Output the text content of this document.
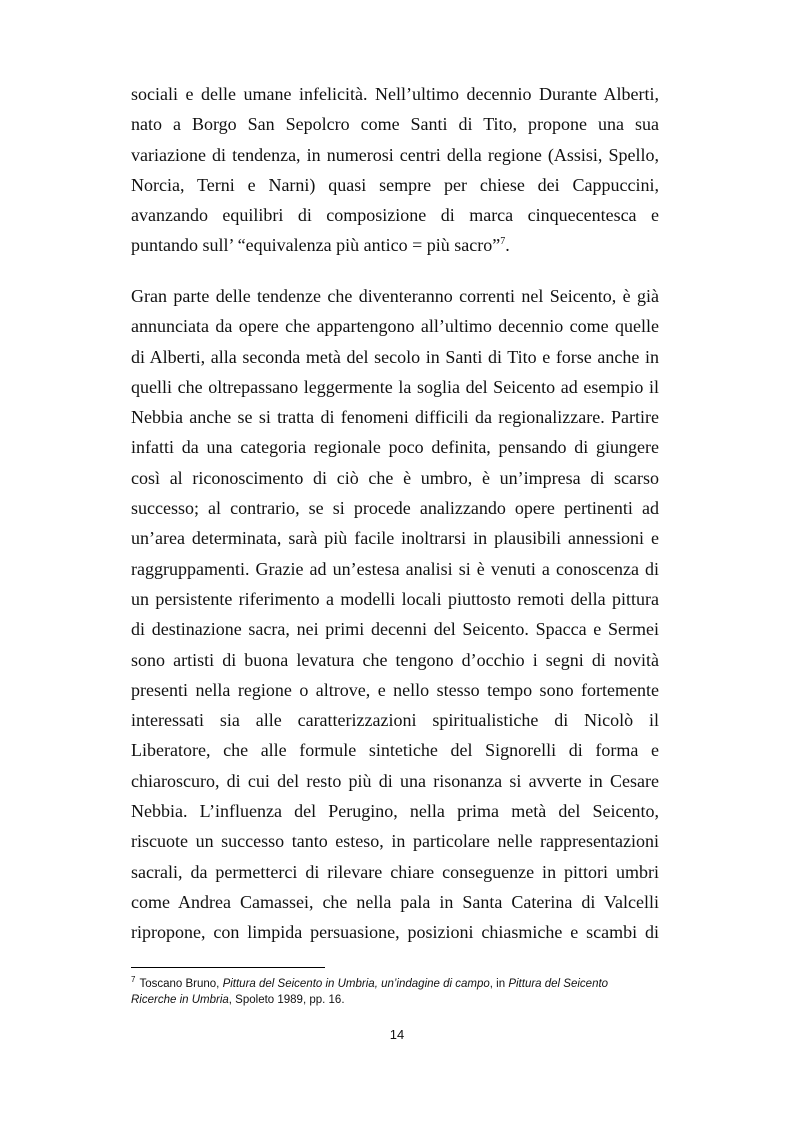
sociali e delle umane infelicità. Nell’ultimo decennio Durante Alberti,
nato a Borgo San Sepolcro come Santi di Tito, propone una sua
variazione di tendenza, in numerosi centri della regione (Assisi, Spello,
Norcia, Terni e Narni) quasi sempre per chiese dei Cappuccini,
avanzando equilibri di composizione di marca cinquecentesca e
puntando sull’ “equivalenza più antico = più sacro”$^7$.
Gran parte delle tendenze che diventeranno correnti nel Seicento, è già
annunciata da opere che appartengono all’ultimo decennio come quelle
di Alberti, alla seconda metà del secolo in Santi di Tito e forse anche in
quelli che oltrepassano leggermente la soglia del Seicento ad esempio il
Nebbia anche se si tratta di fenomeni difficili da regionalizzare. Partire
infatti da una categoria regionale poco definita, pensando di giungere
così al riconoscimento di ciò che è umbro, è un’impresa di scarso
successo; al contrario, se si procede analizzando opere pertinenti ad
un’area determinata, sarà più facile inoltrarsi in plausibili annessioni e
raggruppamenti. Grazie ad un’estesa analisi si è venuti a conoscenza di
un persistente riferimento a modelli locali piuttosto remoti della pittura
di destinazione sacra, nei primi decenni del Seicento. Spacca e Sermei
sono artisti di buona levatura che tengono d’occhio i segni di novità
presenti nella regione o altrove, e nello stesso tempo sono fortemente
interessati sia alle caratterizzazioni spiritualistiche di Nicolò il
Liberatore, che alle formule sintetiche del Signorelli di forma e
chiaroscuro, di cui del resto più di una risonanza si avverte in Cesare
Nebbia. L’influenza del Perugino, nella prima metà del Seicento,
riscuote un successo tanto esteso, in particolare nelle rappresentazioni
sacrali, da permetterci di rilevare chiare conseguenze in pittori umbri
come Andrea Camassei, che nella pala in Santa Caterina di Valcelli
ripropone, con limpida persuasione, posizioni chiasmiche e scambi di
$^7$ Toscano Bruno, Pittura del Seicento in Umbria, un’indagine di campo, in Pittura del Seicento
Ricerche in Umbria, Spoleto 1989, pp. 16.
14
